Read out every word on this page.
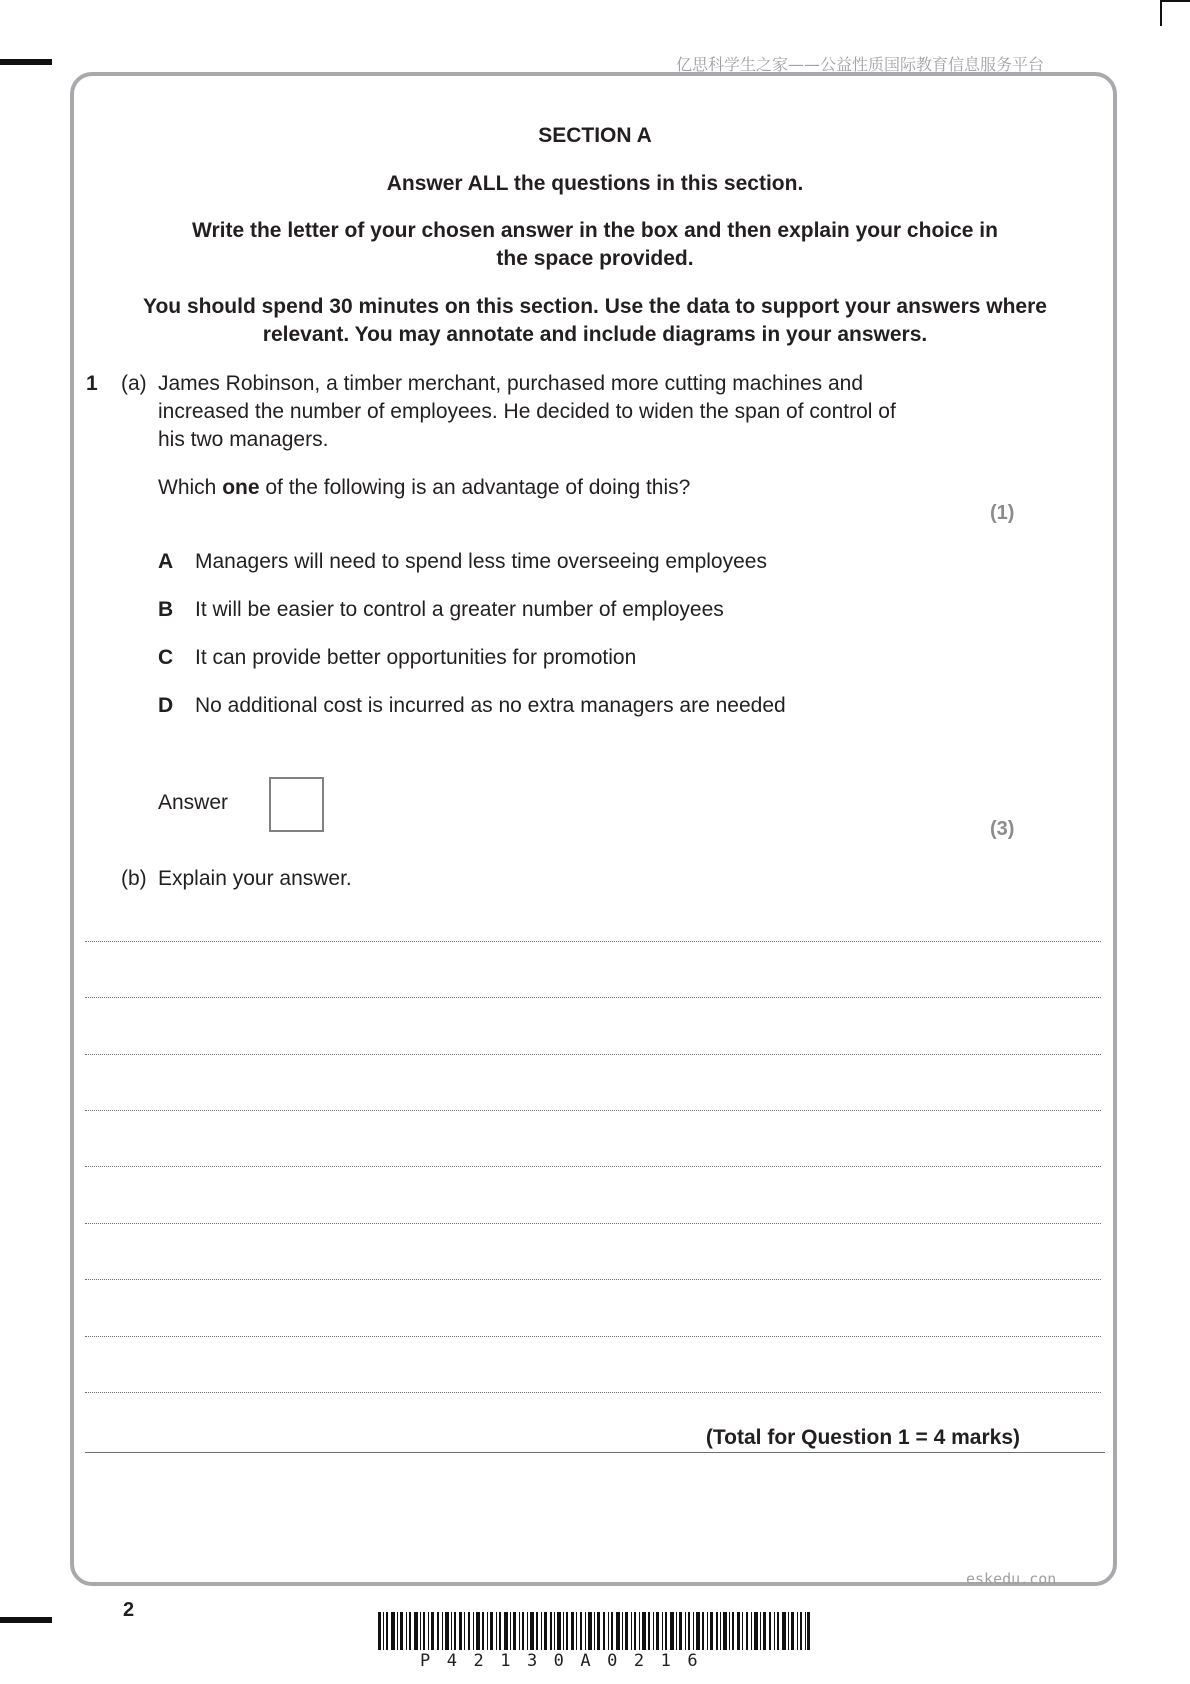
亿思科学生之家——公益性质国际教育信息服务平台
SECTION A
Answer ALL the questions in this section.
Write the letter of your chosen answer in the box and then explain your choice in
the space provided.
You should spend 30 minutes on this section. Use the data to support your answers where
relevant. You may annotate and include diagrams in your answers.
1 (a) James Robinson, a timber merchant, purchased more cutting machines and
increased the number of employees. He decided to widen the span of control of
his two managers.
Which one of the following is an advantage of doing this?
(1)
A Managers will need to spend less time overseeing employees
B It will be easier to control a greater number of employees
C It can provide better opportunities for promotion
D No additional cost is incurred as no extra managers are needed
Answer
(3)
(b) Explain your answer.
(Total for Question 1 = 4 marks)
eskedu.con
2
P42130A0216
